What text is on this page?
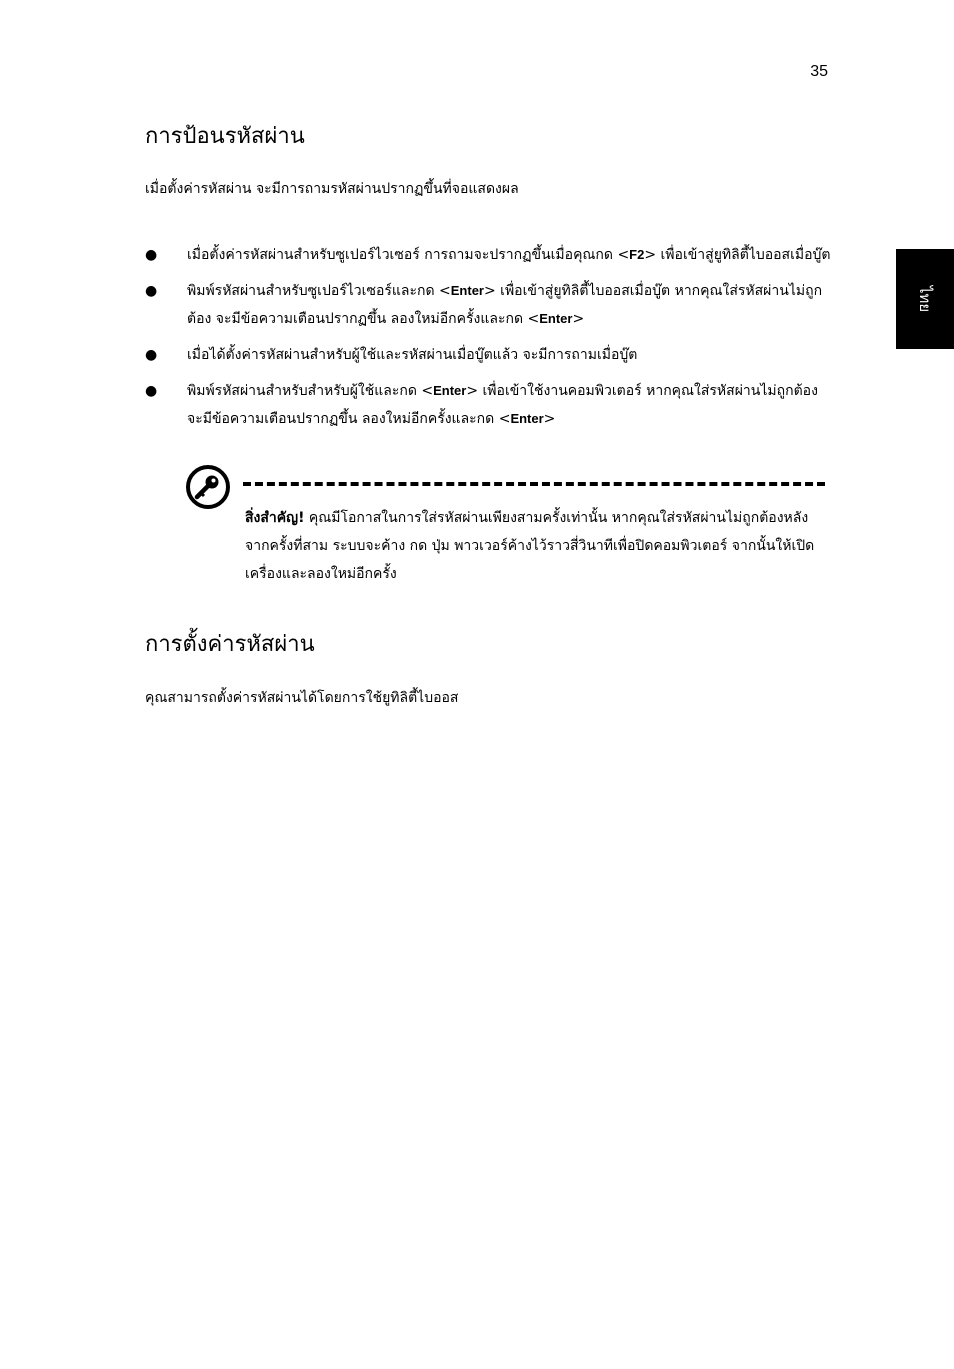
35
ไทย
การป้อนรหัสผ่าน

เมื่อตั้งค่ารหัสผ่าน จะมีการถามรหัสผ่านปรากฏขึ้นที่จอแสดงผล

● เมื่อตั้งค่ารหัสผ่านสำหรับซูเปอร์ไวเซอร์ การถามจะปรากฏขึ้นเมื่อคุณกด <F2> เพื่อเข้าสู่ยูทิลิตี้ไบออสเมื่อบู๊ต
● พิมพ์รหัสผ่านสำหรับซูเปอร์ไวเซอร์และกด <Enter> เพื่อเข้าสู่ยูทิลิตี้ไบออสเมื่อบู๊ต หากคุณใส่รหัสผ่านไม่ถูกต้อง จะมีข้อความเตือนปรากฏขึ้น ลองใหม่อีกครั้งและกด <Enter>
● เมื่อได้ตั้งค่ารหัสผ่านสำหรับผู้ใช้และรหัสผ่านเมื่อบู๊ตแล้ว จะมีการถามเมื่อบู๊ต
● พิมพ์รหัสผ่านสำหรับสำหรับผู้ใช้และกด <Enter> เพื่อเข้าใช้งานคอมพิวเตอร์ หากคุณใส่รหัสผ่านไม่ถูกต้อง จะมีข้อความเตือนปรากฏขึ้น ลองใหม่อีกครั้งและกด <Enter>

สิ่งสำคัญ! คุณมีโอกาสในการใส่รหัสผ่านเพียงสามครั้งเท่านั้น หากคุณใส่รหัสผ่านไม่ถูกต้องหลังจากครั้งที่สาม ระบบจะค้าง กด ปุ่ม พาวเวอร์ค้างไว้ราวสี่วินาทีเพื่อปิดคอมพิวเตอร์ จากนั้นให้เปิดเครื่องและลองใหม่อีกครั้ง

การตั้งค่ารหัสผ่าน

คุณสามารถตั้งค่ารหัสผ่านได้โดยการใช้ยูทิลิตี้ไบออส
